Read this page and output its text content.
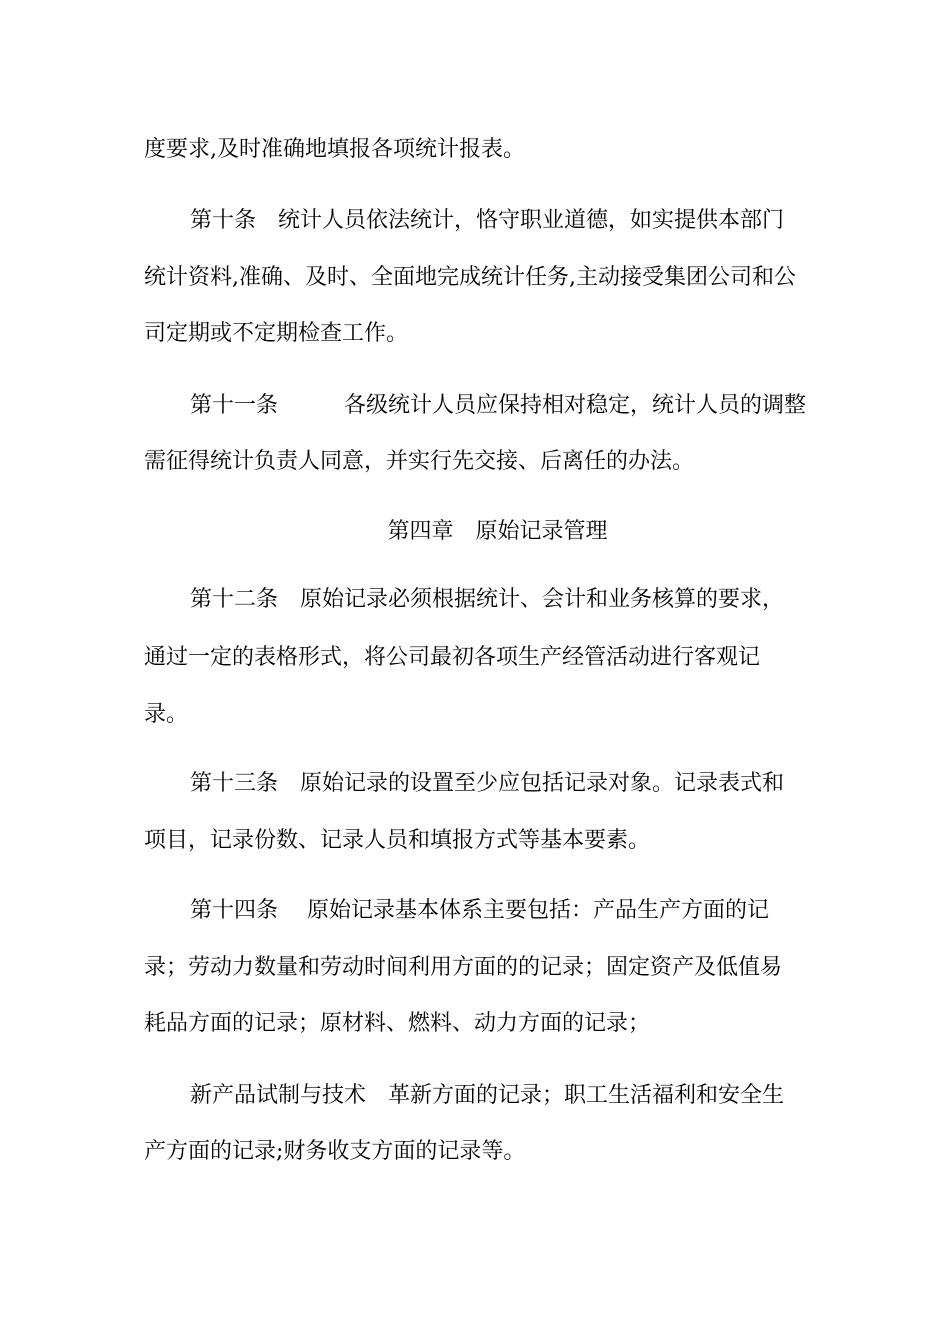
度要求,及时准确地填报各项统计报表。
第十条　统计人员依法统计，恪守职业道德，如实提供本部门
统计资料,准确、及时、全面地完成统计任务,主动接受集团公司和公
司定期或不定期检查工作。
第十一条　　　各级统计人员应保持相对稳定，统计人员的调整
需征得统计负责人同意，并实行先交接、后离任的办法。
第四章　原始记录管理
第十二条　原始记录必须根据统计、会计和业务核算的要求，
通过一定的表格形式，将公司最初各项生产经管活动进行客观记
录。
第十三条　原始记录的设置至少应包括记录对象。记录表式和
项目，记录份数、记录人员和填报方式等基本要素。
第十四条　 原始记录基本体系主要包括：产品生产方面的记
录；劳动力数量和劳动时间利用方面的的记录；固定资产及低值易
耗品方面的记录；原材料、燃料、动力方面的记录；
新产品试制与技术　革新方面的记录；职工生活福利和安全生
产方面的记录;财务收支方面的记录等。
